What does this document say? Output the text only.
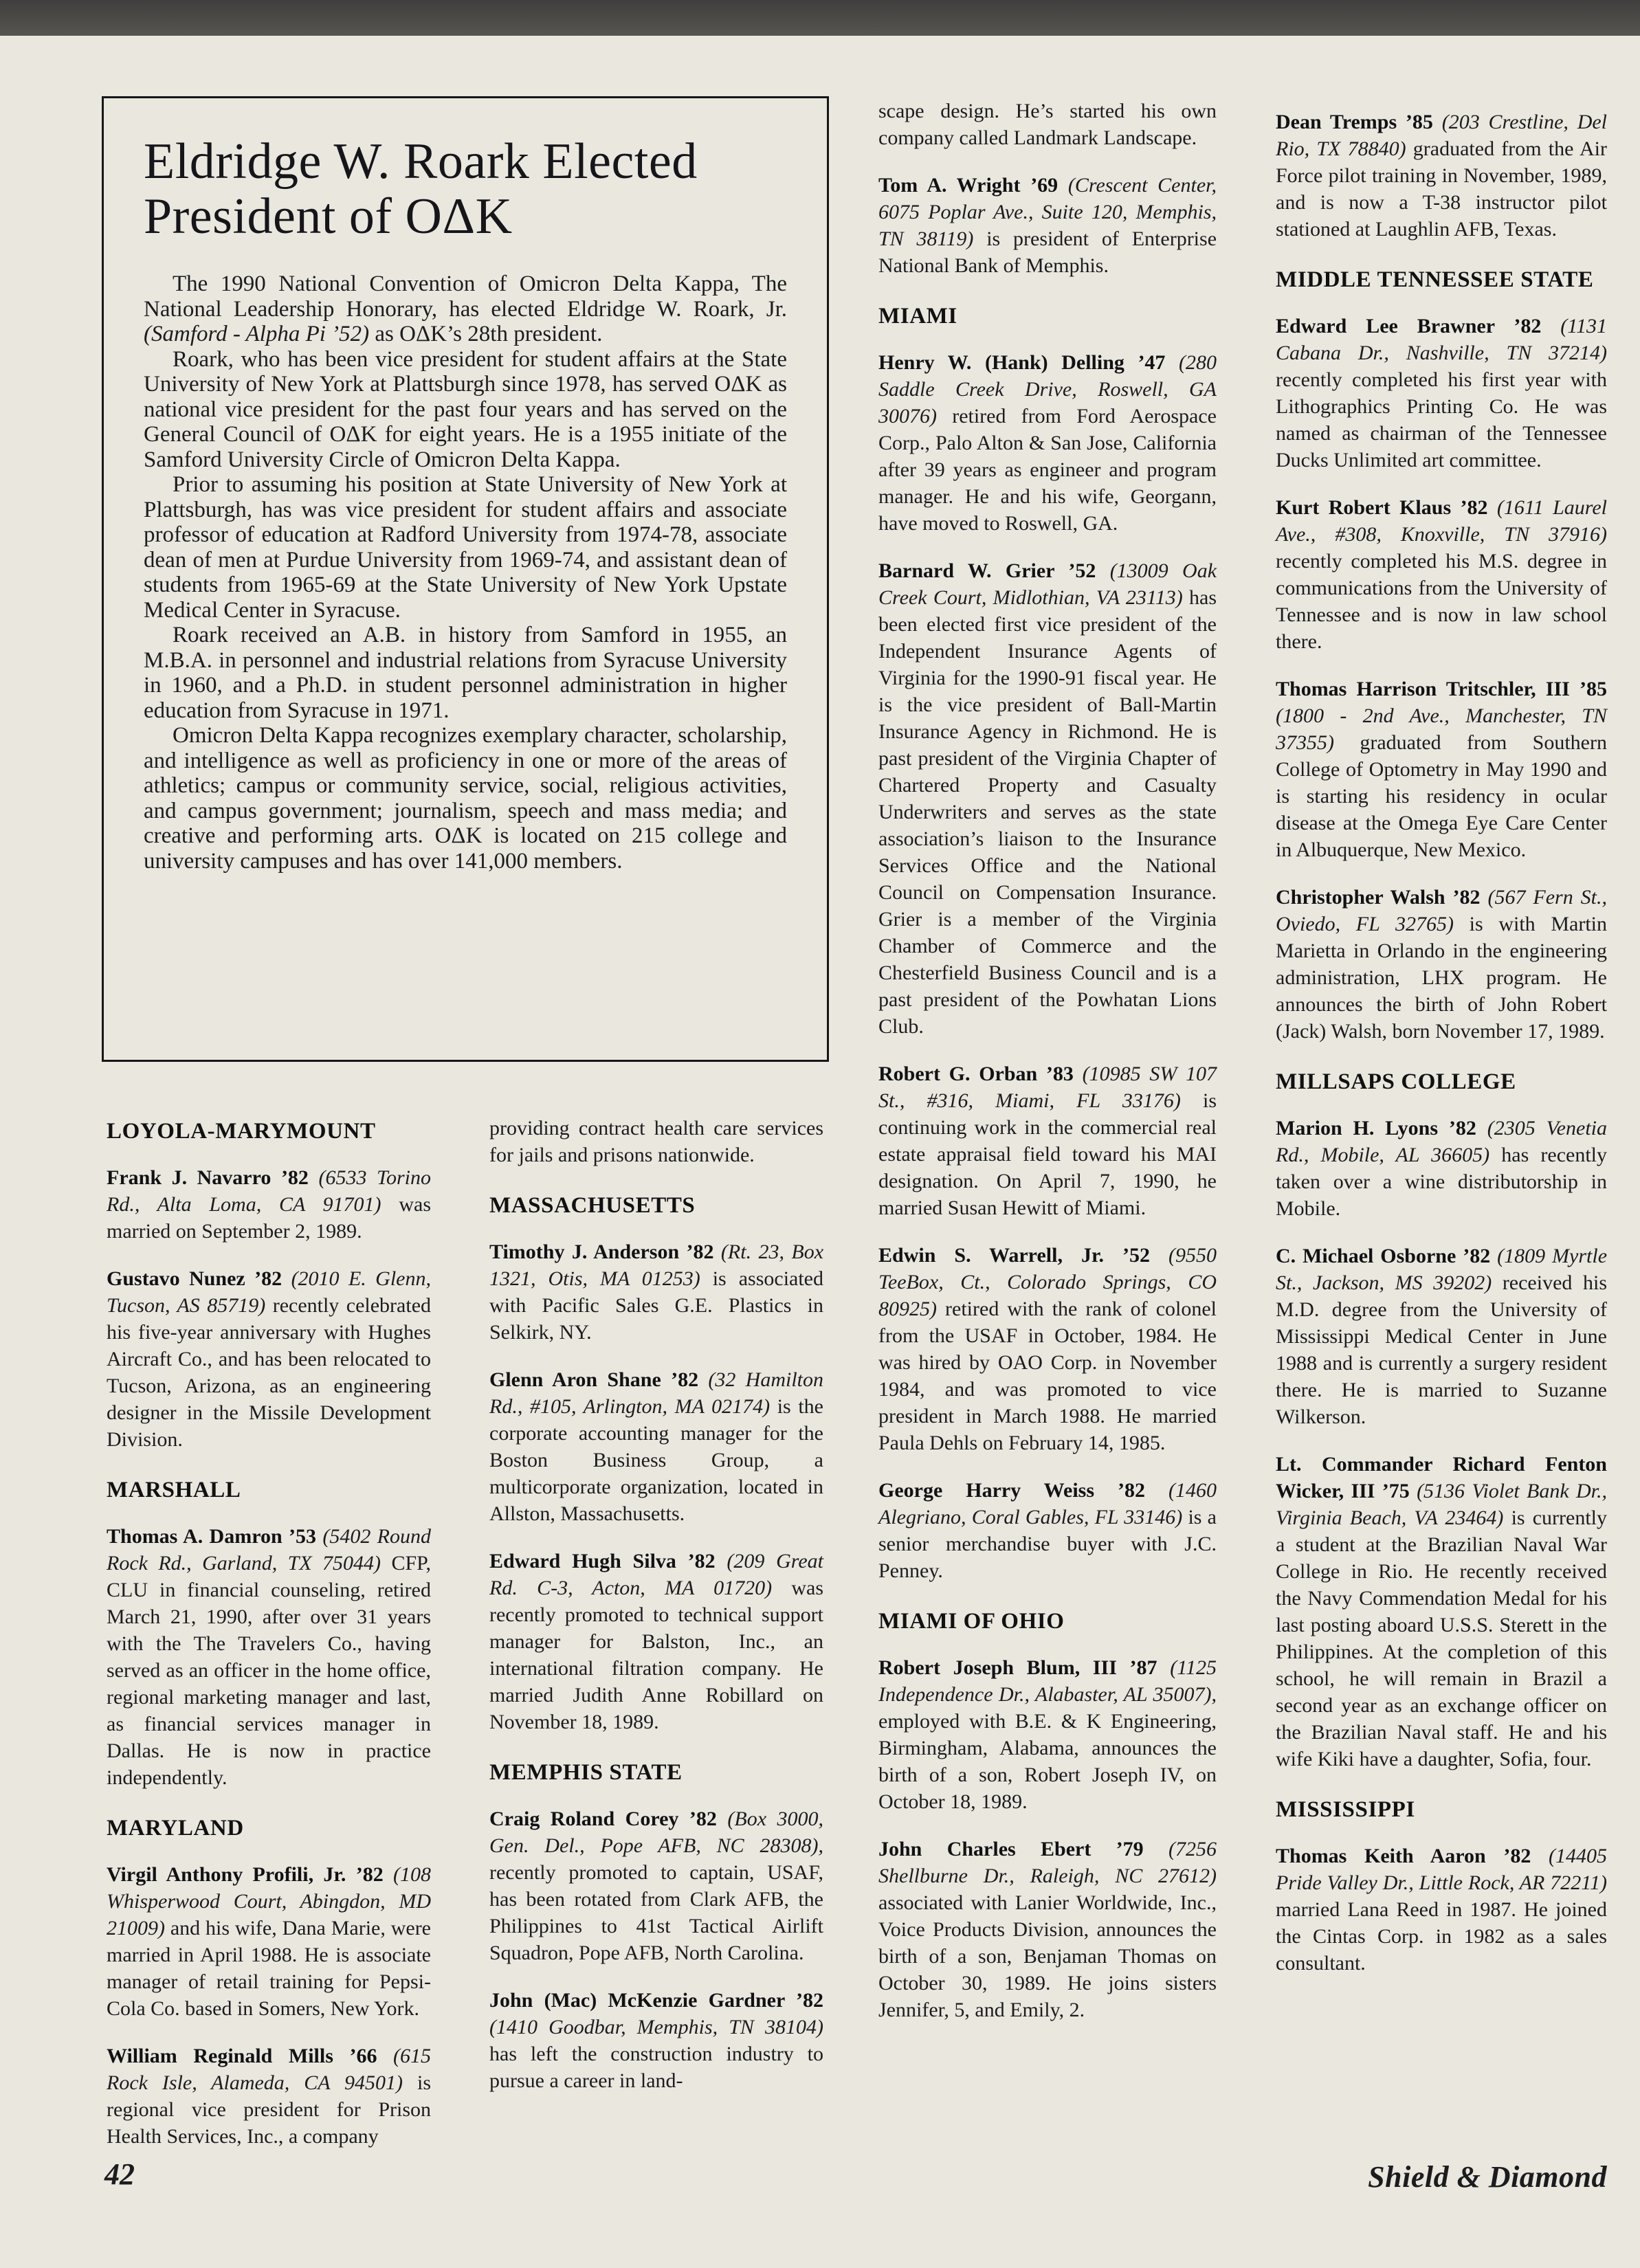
Eldridge W. Roark Elected
President of OΔK

The 1990 National Convention of Omicron Delta Kappa, The National Leadership Honorary, has elected Eldridge W. Roark, Jr. (Samford - Alpha Pi ’52) as OΔK’s 28th president.

Roark, who has been vice president for student affairs at the State University of New York at Plattsburgh since 1978, has served OΔK as national vice president for the past four years and has served on the General Council of OΔK for eight years. He is a 1955 initiate of the Samford University Circle of Omicron Delta Kappa.

Prior to assuming his position at State University of New York at Plattsburgh, has was vice president for student affairs and associate professor of education at Radford University from 1974-78, associate dean of men at Purdue University from 1969-74, and assistant dean of students from 1965-69 at the State University of New York Upstate Medical Center in Syracuse.

Roark received an A.B. in history from Samford in 1955, an M.B.A. in personnel and industrial relations from Syracuse University in 1960, and a Ph.D. in student personnel administration in higher education from Syracuse in 1971.

Omicron Delta Kappa recognizes exemplary character, scholarship, and intelligence as well as proficiency in one or more of the areas of athletics; campus or community service, social, religious activities, and campus government; journalism, speech and mass media; and creative and performing arts. OΔK is located on 215 college and university campuses and has over 141,000 members.

LOYOLA-MARYMOUNT

Frank J. Navarro ’82 (6533 Torino Rd., Alta Loma, CA 91701) was married on September 2, 1989.

Gustavo Nunez ’82 (2010 E. Glenn, Tucson, AS 85719) recently celebrated his five-year anniversary with Hughes Aircraft Co., and has been relocated to Tucson, Arizona, as an engineering designer in the Missile Development Division.

MARSHALL

Thomas A. Damron ’53 (5402 Round Rock Rd., Garland, TX 75044) CFP, CLU in financial counseling, retired March 21, 1990, after over 31 years with the The Travelers Co., having served as an officer in the home office, regional marketing manager and last, as financial services manager in Dallas. He is now in practice independently.

MARYLAND

Virgil Anthony Profili, Jr. ’82 (108 Whisperwood Court, Abingdon, MD 21009) and his wife, Dana Marie, were married in April 1988. He is associate manager of retail training for Pepsi-Cola Co. based in Somers, New York.

William Reginald Mills ’66 (615 Rock Isle, Alameda, CA 94501) is regional vice president for Prison Health Services, Inc., a company

providing contract health care services for jails and prisons nationwide.

MASSACHUSETTS

Timothy J. Anderson ’82 (Rt. 23, Box 1321, Otis, MA 01253) is associated with Pacific Sales G.E. Plastics in Selkirk, NY.

Glenn Aron Shane ’82 (32 Hamilton Rd., #105, Arlington, MA 02174) is the corporate accounting manager for the Boston Business Group, a multicorporate organization, located in Allston, Massachusetts.

Edward Hugh Silva ’82 (209 Great Rd. C-3, Acton, MA 01720) was recently promoted to technical support manager for Balston, Inc., an international filtration company. He married Judith Anne Robillard on November 18, 1989.

MEMPHIS STATE

Craig Roland Corey ’82 (Box 3000, Gen. Del., Pope AFB, NC 28308), recently promoted to captain, USAF, has been rotated from Clark AFB, the Philippines to 41st Tactical Airlift Squadron, Pope AFB, North Carolina.

John (Mac) McKenzie Gardner ’82 (1410 Goodbar, Memphis, TN 38104) has left the construction industry to pursue a career in land-

scape design. He’s started his own company called Landmark Landscape.

Tom A. Wright ’69 (Crescent Center, 6075 Poplar Ave., Suite 120, Memphis, TN 38119) is president of Enterprise National Bank of Memphis.

MIAMI

Henry W. (Hank) Delling ’47 (280 Saddle Creek Drive, Roswell, GA 30076) retired from Ford Aerospace Corp., Palo Alton & San Jose, California after 39 years as engineer and program manager. He and his wife, Georgann, have moved to Roswell, GA.

Barnard W. Grier ’52 (13009 Oak Creek Court, Midlothian, VA 23113) has been elected first vice president of the Independent Insurance Agents of Virginia for the 1990-91 fiscal year. He is the vice president of Ball-Martin Insurance Agency in Richmond. He is past president of the Virginia Chapter of Chartered Property and Casualty Underwriters and serves as the state association’s liaison to the Insurance Services Office and the National Council on Compensation Insurance. Grier is a member of the Virginia Chamber of Commerce and the Chesterfield Business Council and is a past president of the Powhatan Lions Club.

Robert G. Orban ’83 (10985 SW 107 St., #316, Miami, FL 33176) is continuing work in the commercial real estate appraisal field toward his MAI designation. On April 7, 1990, he married Susan Hewitt of Miami.

Edwin S. Warrell, Jr. ’52 (9550 TeeBox, Ct., Colorado Springs, CO 80925) retired with the rank of colonel from the USAF in October, 1984. He was hired by OAO Corp. in November 1984, and was promoted to vice president in March 1988. He married Paula Dehls on February 14, 1985.

George Harry Weiss ’82 (1460 Alegriano, Coral Gables, FL 33146) is a senior merchandise buyer with J.C. Penney.

MIAMI OF OHIO

Robert Joseph Blum, III ’87 (1125 Independence Dr., Alabaster, AL 35007), employed with B.E. & K Engineering, Birmingham, Alabama, announces the birth of a son, Robert Joseph IV, on October 18, 1989.

John Charles Ebert ’79 (7256 Shellburne Dr., Raleigh, NC 27612) associated with Lanier Worldwide, Inc., Voice Products Division, announces the birth of a son, Benjaman Thomas on October 30, 1989. He joins sisters Jennifer, 5, and Emily, 2.

Dean Tremps ’85 (203 Crestline, Del Rio, TX 78840) graduated from the Air Force pilot training in November, 1989, and is now a T-38 instructor pilot stationed at Laughlin AFB, Texas.

MIDDLE TENNESSEE STATE

Edward Lee Brawner ’82 (1131 Cabana Dr., Nashville, TN 37214) recently completed his first year with Lithographics Printing Co. He was named as chairman of the Tennessee Ducks Unlimited art committee.

Kurt Robert Klaus ’82 (1611 Laurel Ave., #308, Knoxville, TN 37916) recently completed his M.S. degree in communications from the University of Tennessee and is now in law school there.

Thomas Harrison Tritschler, III ’85 (1800 - 2nd Ave., Manchester, TN 37355) graduated from Southern College of Optometry in May 1990 and is starting his residency in ocular disease at the Omega Eye Care Center in Albuquerque, New Mexico.

Christopher Walsh ’82 (567 Fern St., Oviedo, FL 32765) is with Martin Marietta in Orlando in the engineering administration, LHX program. He announces the birth of John Robert (Jack) Walsh, born November 17, 1989.

MILLSAPS COLLEGE

Marion H. Lyons ’82 (2305 Venetia Rd., Mobile, AL 36605) has recently taken over a wine distributorship in Mobile.

C. Michael Osborne ’82 (1809 Myrtle St., Jackson, MS 39202) received his M.D. degree from the University of Mississippi Medical Center in June 1988 and is currently a surgery resident there. He is married to Suzanne Wilkerson.

Lt. Commander Richard Fenton Wicker, III ’75 (5136 Violet Bank Dr., Virginia Beach, VA 23464) is currently a student at the Brazilian Naval War College in Rio. He recently received the Navy Commendation Medal for his last posting aboard U.S.S. Sterett in the Philippines. At the completion of this school, he will remain in Brazil a second year as an exchange officer on the Brazilian Naval staff. He and his wife Kiki have a daughter, Sofia, four.

MISSISSIPPI

Thomas Keith Aaron ’82 (14405 Pride Valley Dr., Little Rock, AR 72211) married Lana Reed in 1987. He joined the Cintas Corp. in 1982 as a sales consultant.

42	Shield & Diamond
